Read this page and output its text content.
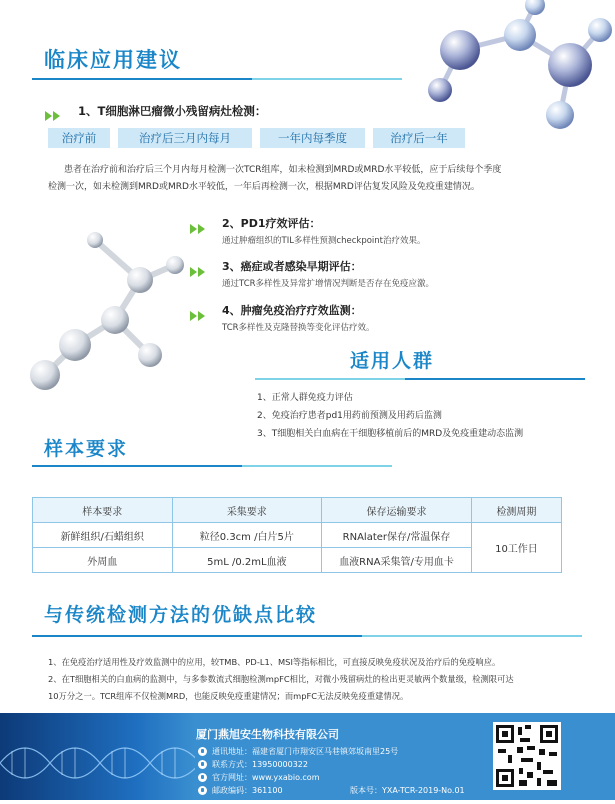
临床应用建议
1、T细胞淋巴瘤微小残留病灶检测：
治疗前	治疗后三月内每月	一年内每季度	治疗后一年
患者在治疗前和治疗后三个月内每月检测一次TCR组库，如未检测到MRD或MRD水平较低，应于后续每个季度
检测一次，如未检测到MRD或MRD水平较低，一年后再检测一次，根据MRD评估复发风险及免疫重建情况。
2、PD1疗效评估：
通过肿瘤组织的TIL多样性预测checkpoint治疗效果。
3、癌症或者感染早期评估：
通过TCR多样性及异常扩增情况判断是否存在免疫应激。
4、肿瘤免疫治疗疗效监测：
TCR多样性及克隆替换等变化评估疗效。
适用人群
1、正常人群免疫力评估
2、免疫治疗患者pd1用药前预测及用药后监测
3、T细胞相关白血病在干细胞移植前后的MRD及免疫重建动态监测
样本要求
样本要求	采集要求	保存运输要求	检测周期
新鲜组织/石蜡组织	粒径0.3cm /白片5片	RNAlater保存/常温保存	10工作日
外周血	5mL /0.2mL血液	血液RNA采集管/专用血卡	
与传统检测方法的优缺点比较
1、在免疫治疗适用性及疗效监测中的应用，较TMB、PD-L1、MSI等指标相比，可直接反映免疫状况及治疗后的免疫响应。
2、在T细胞相关的白血病的监测中，与多参数流式细胞检测mpFC相比，对微小残留病灶的检出更灵敏两个数量级，检测限可达
10万分之一。TCR组库不仅检测MRD，也能反映免疫重建情况；而mpFC无法反映免疫重建情况。
厦门燕旭安生物科技有限公司
通讯地址：福建省厦门市翔安区马巷镇郊坂南里25号
联系方式：13950000322
官方网址：www.yxabio.com
邮政编码：361100	版本号：YXA-TCR-2019-No.01
